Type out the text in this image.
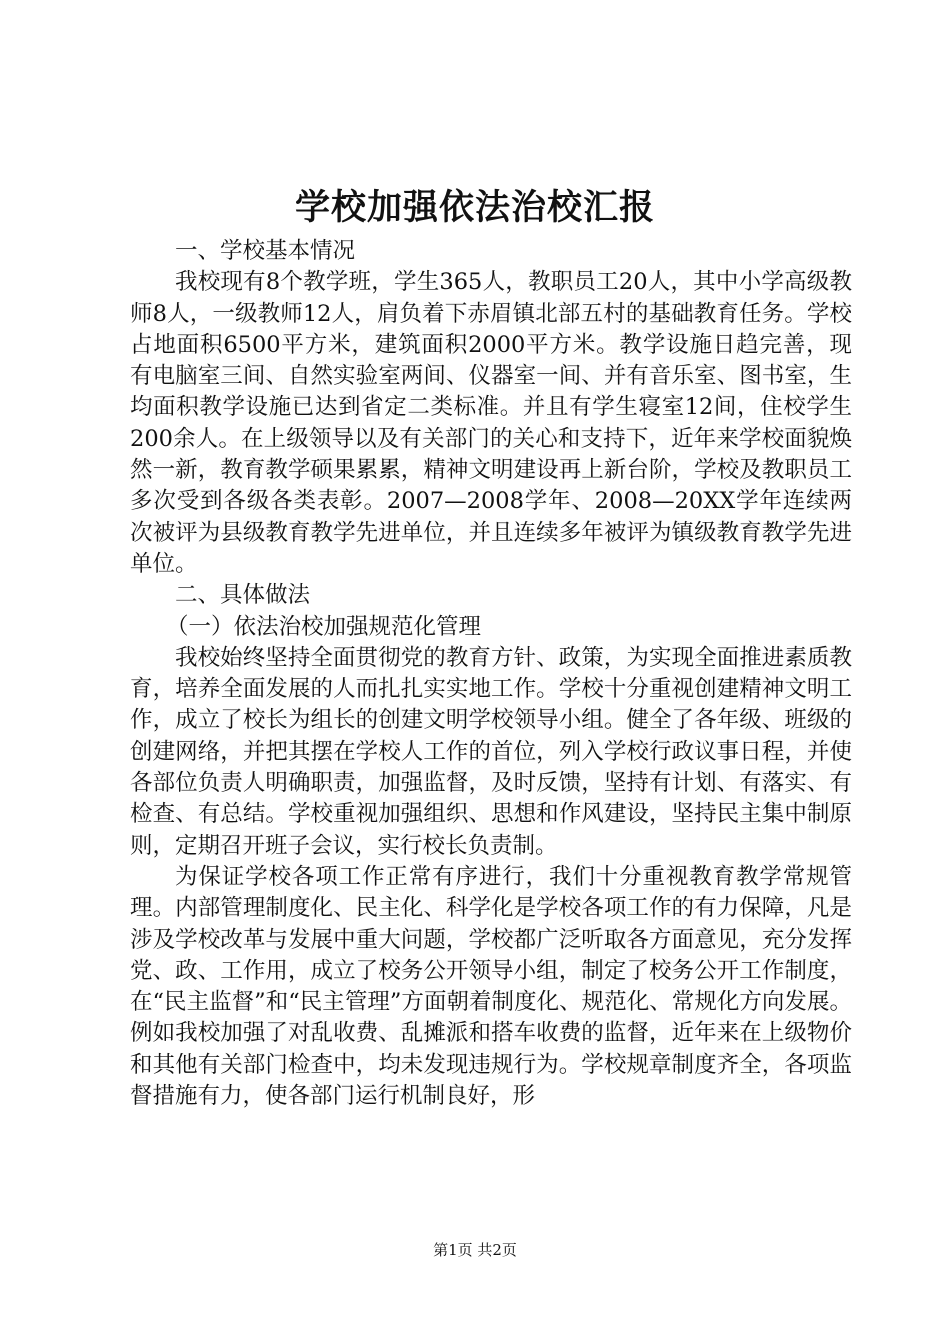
学校加强依法治校汇报

一、学校基本情况

我校现有8个教学班，学生365人，教职员工20人，其中小学高级教师8人，一级教师12人，肩负着下赤眉镇北部五村的基础教育任务。学校占地面积6500平方米，建筑面积2000平方米。教学设施日趋完善，现有电脑室三间、自然实验室两间、仪器室一间、并有音乐室、图书室，生均面积教学设施已达到省定二类标准。并且有学生寝室12间，住校学生200余人。在上级领导以及有关部门的关心和支持下，近年来学校面貌焕然一新，教育教学硕果累累，精神文明建设再上新台阶，学校及教职员工多次受到各级各类表彰。2007—2008学年、2008—20XX学年连续两次被评为县级教育教学先进单位，并且连续多年被评为镇级教育教学先进单位。

二、具体做法

（一）依法治校加强规范化管理

我校始终坚持全面贯彻党的教育方针、政策，为实现全面推进素质教育，培养全面发展的人而扎扎实实地工作。学校十分重视创建精神文明工作，成立了校长为组长的创建文明学校领导小组。健全了各年级、班级的创建网络，并把其摆在学校人工作的首位，列入学校行政议事日程，并使各部位负责人明确职责，加强监督，及时反馈，坚持有计划、有落实、有检查、有总结。学校重视加强组织、思想和作风建设，坚持民主集中制原则，定期召开班子会议，实行校长负责制。

为保证学校各项工作正常有序进行，我们十分重视教育教学常规管理。内部管理制度化、民主化、科学化是学校各项工作的有力保障，凡是涉及学校改革与发展中重大问题，学校都广泛听取各方面意见，充分发挥党、政、工作用，成立了校务公开领导小组，制定了校务公开工作制度，在“民主监督”和“民主管理”方面朝着制度化、规范化、常规化方向发展。例如我校加强了对乱收费、乱摊派和搭车收费的监督，近年来在上级物价和其他有关部门检查中，均未发现违规行为。学校规章制度齐全，各项监督措施有力，使各部门运行机制良好，形

第1页 共2页
